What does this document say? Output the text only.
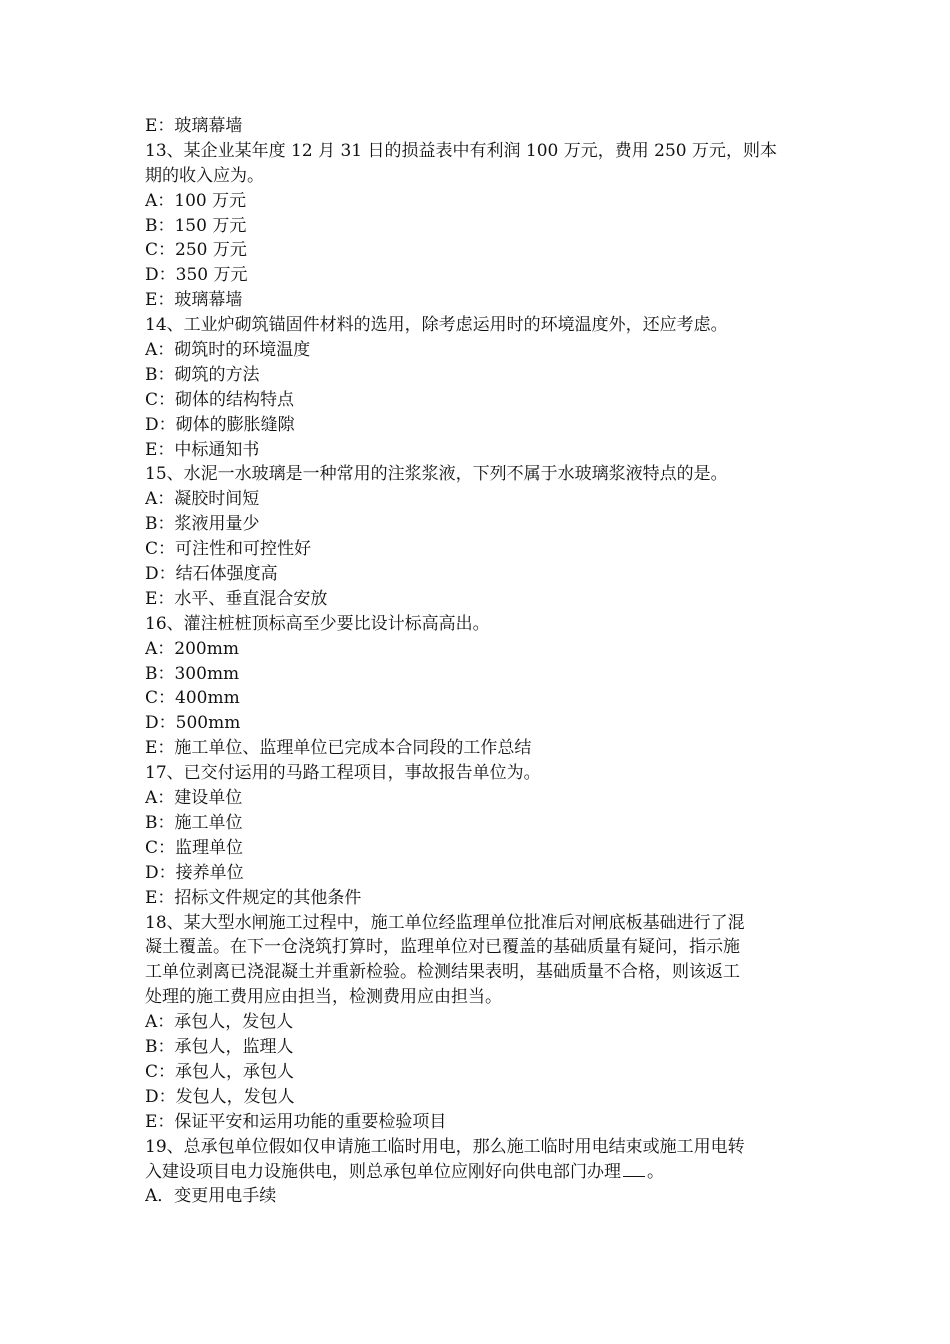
E：玻璃幕墙
13、某企业某年度 12 月 31 日的损益表中有利润 100 万元，费用 250 万元，则本
期的收入应为。
A：100 万元
B：150 万元
C：250 万元
D：350 万元
E：玻璃幕墙
14、工业炉砌筑锚固件材料的选用，除考虑运用时的环境温度外，还应考虑。
A：砌筑时的环境温度
B：砌筑的方法
C：砌体的结构特点
D：砌体的膨胀缝隙
E：中标通知书
15、水泥一水玻璃是一种常用的注浆浆液，下列不属于水玻璃浆液特点的是。
A：凝胶时间短
B：浆液用量少
C：可注性和可控性好
D：结石体强度高
E：水平、垂直混合安放
16、灌注桩桩顶标高至少要比设计标高高出。
A：200mm
B：300mm
C：400mm
D：500mm
E：施工单位、监理单位已完成本合同段的工作总结
17、已交付运用的马路工程项目，事故报告单位为。
A：建设单位
B：施工单位
C：监理单位
D：接养单位
E：招标文件规定的其他条件
18、某大型水闸施工过程中，施工单位经监理单位批准后对闸底板基础进行了混
凝土覆盖。在下一仓浇筑打算时，监理单位对已覆盖的基础质量有疑问，指示施
工单位剥离已浇混凝土并重新检验。检测结果表明，基础质量不合格，则该返工
处理的施工费用应由担当，检测费用应由担当。
A：承包人，发包人
B：承包人，监理人
C：承包人，承包人
D：发包人，发包人
E：保证平安和运用功能的重要检验项目
19、总承包单位假如仅申请施工临时用电，那么施工临时用电结束或施工用电转
入建设项目电力设施供电，则总承包单位应刚好向供电部门办理 。
A．变更用电手续
